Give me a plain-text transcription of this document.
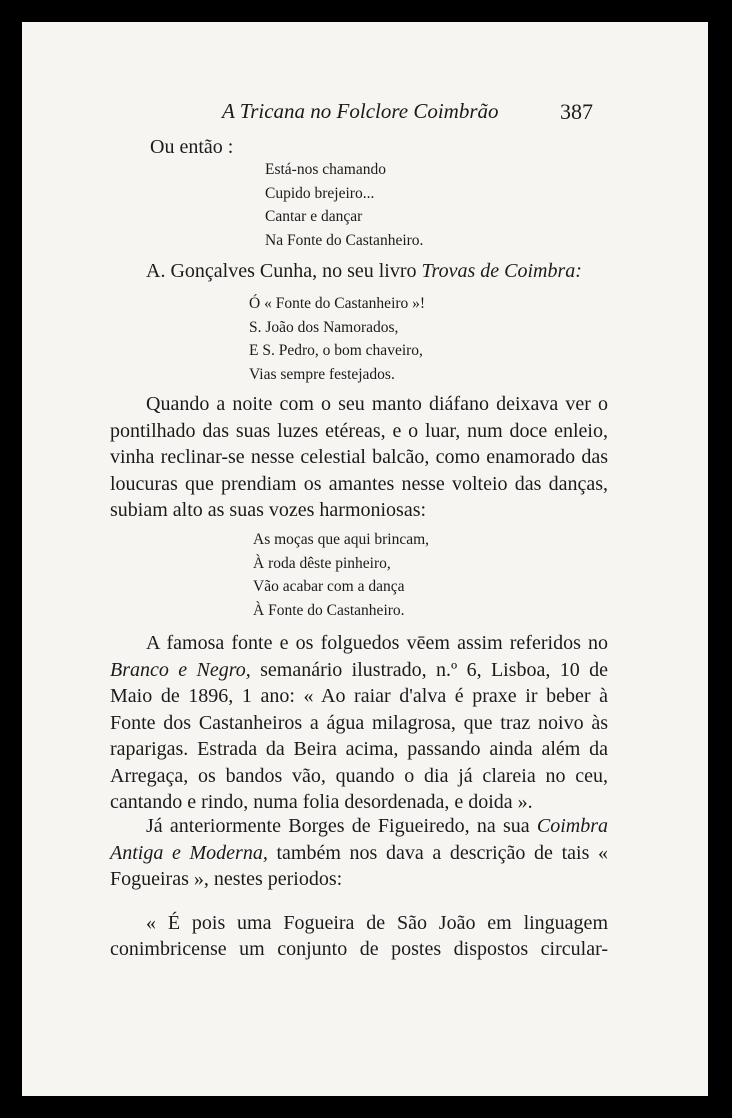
A Tricana no Folclore Coimbrão	387
Ou então :
Está-nos chamando
Cupido brejeiro...
Cantar e dançar
Na Fonte do Castanheiro.

A. Gonçalves Cunha, no seu livro Trovas de Coimbra:

Ó « Fonte do Castanheiro »!
S. João dos Namorados,
E S. Pedro, o bom chaveiro,
Vias sempre festejados.

Quando a noite com o seu manto diáfano deixava ver o pontilhado das suas luzes etéreas, e o luar, num doce enleio, vinha reclinar-se nesse celestial balcão, como enamorado das loucuras que prendiam os amantes nesse volteio das danças, subiam alto as suas vozes harmoniosas:

As moças que aqui brincam,
À roda dêste pinheiro,
Vão acabar com a dança
À Fonte do Castanheiro.

A famosa fonte e os folguedos vēem assim referidos no Branco e Negro, semanário ilustrado, n.º 6, Lisboa, 10 de Maio de 1896, 1 ano: « Ao raiar d'alva é praxe ir beber à Fonte dos Castanheiros a água milagrosa, que traz noivo às raparigas. Estrada da Beira acima, passando ainda além da Arregaça, os bandos vão, quando o dia já clareia no ceu, cantando e rindo, numa folia desordenada, e doida ».

Já anteriormente Borges de Figueiredo, na sua Coimbra Antiga e Moderna, também nos dava a descrição de tais « Fogueiras », nestes periodos:

« É pois uma Fogueira de São João em linguagem
conimbricense um conjunto de postes dispostos circular-
